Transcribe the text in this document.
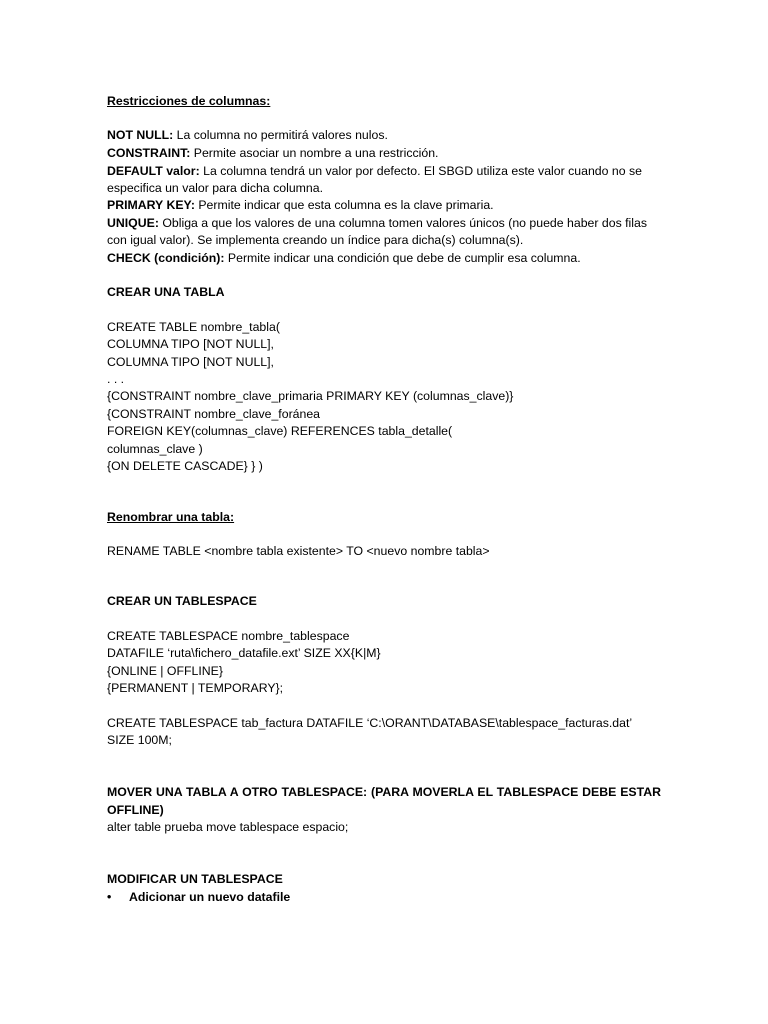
Restricciones de columnas:
NOT NULL: La columna no permitirá valores nulos.
CONSTRAINT: Permite asociar un nombre a una restricción.
DEFAULT valor: La columna tendrá un valor por defecto. El SBGD utiliza este valor cuando no se
especifica un valor para dicha columna.
PRIMARY KEY: Permite indicar que esta columna es la clave primaria.
UNIQUE: Obliga a que los valores de una columna tomen valores únicos (no puede haber dos filas
con igual valor). Se implementa creando un índice para dicha(s) columna(s).
CHECK (condición): Permite indicar una condición que debe de cumplir esa columna.
CREAR UNA TABLA
CREATE TABLE nombre_tabla(
COLUMNA TIPO [NOT NULL],
COLUMNA TIPO [NOT NULL],
. . .
{CONSTRAINT nombre_clave_primaria PRIMARY KEY (columnas_clave)}
{CONSTRAINT nombre_clave_foránea
FOREIGN KEY(columnas_clave) REFERENCES tabla_detalle(
columnas_clave )
{ON DELETE CASCADE} } )
Renombrar una tabla:
RENAME TABLE <nombre tabla existente> TO <nuevo nombre tabla>
CREAR UN TABLESPACE
CREATE TABLESPACE nombre_tablespace
DATAFILE ‘ruta\fichero_datafile.ext’ SIZE XX{K|M}
{ONLINE | OFFLINE}
{PERMANENT | TEMPORARY};
CREATE TABLESPACE tab_factura DATAFILE ‘C:\ORANT\DATABASE\tablespace_facturas.dat’
SIZE 100M;
MOVER UNA TABLA A OTRO TABLESPACE: (PARA MOVERLA EL TABLESPACE DEBE ESTAR
OFFLINE)
alter table prueba move tablespace espacio;
MODIFICAR UN TABLESPACE
• Adicionar un nuevo datafile
